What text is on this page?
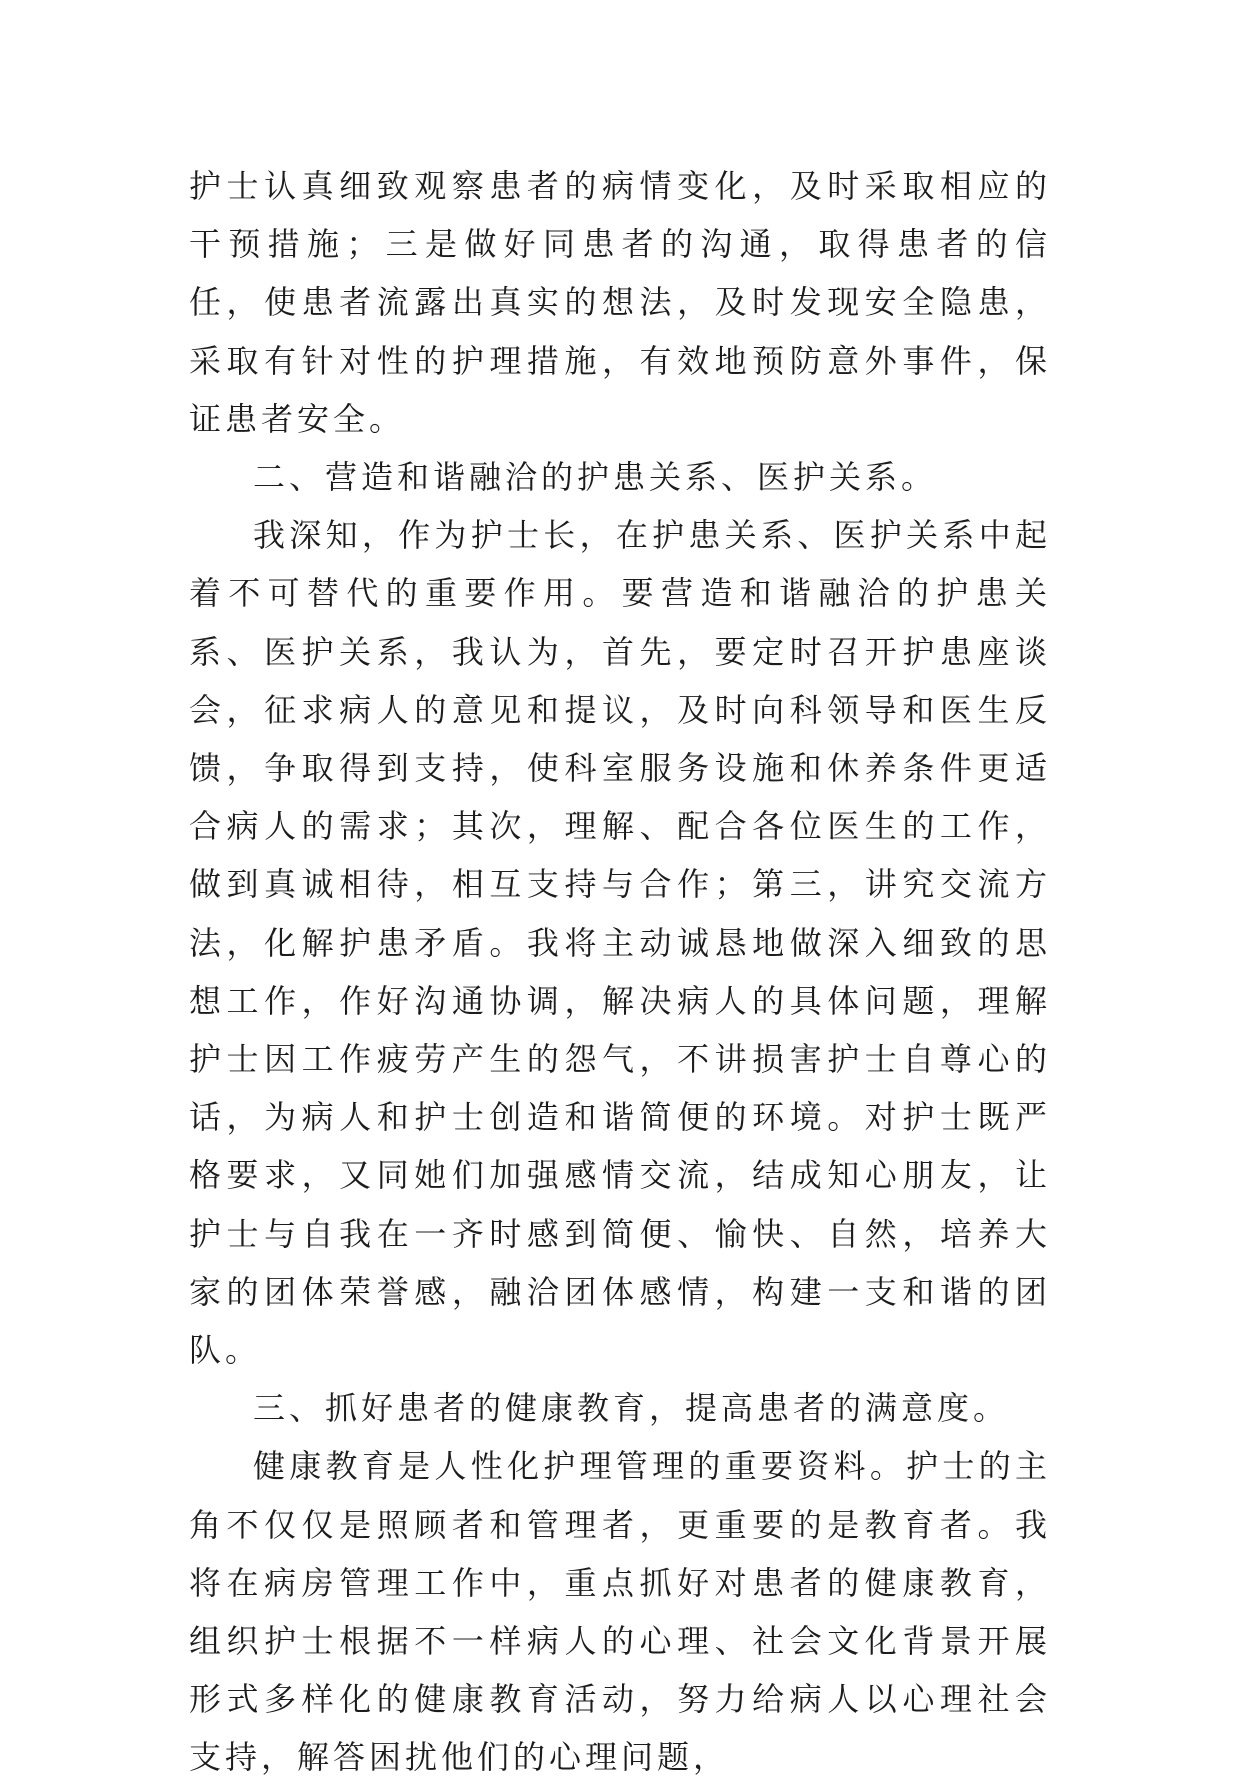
护士认真细致观察患者的病情变化，及时采取相应的干预措施；三是做好同患者的沟通，取得患者的信任，使患者流露出真实的想法，及时发现安全隐患，采取有针对性的护理措施，有效地预防意外事件，保证患者安全。

二、营造和谐融洽的护患关系、医护关系。

我深知，作为护士长，在护患关系、医护关系中起着不可替代的重要作用。要营造和谐融洽的护患关系、医护关系，我认为，首先，要定时召开护患座谈会，征求病人的意见和提议，及时向科领导和医生反馈，争取得到支持，使科室服务设施和休养条件更适合病人的需求；其次，理解、配合各位医生的工作，做到真诚相待，相互支持与合作；第三，讲究交流方法，化解护患矛盾。我将主动诚恳地做深入细致的思想工作，作好沟通协调，解决病人的具体问题，理解护士因工作疲劳产生的怨气，不讲损害护士自尊心的话，为病人和护士创造和谐简便的环境。对护士既严格要求，又同她们加强感情交流，结成知心朋友，让护士与自我在一齐时感到简便、愉快、自然，培养大家的团体荣誉感，融洽团体感情，构建一支和谐的团队。

三、抓好患者的健康教育，提高患者的满意度。

健康教育是人性化护理管理的重要资料。护士的主角不仅仅是照顾者和管理者，更重要的是教育者。我将在病房管理工作中，重点抓好对患者的健康教育，组织护士根据不一样病人的心理、社会文化背景开展形式多样化的健康教育活动，努力给病人以心理社会支持，解答困扰他们的心理问题，
